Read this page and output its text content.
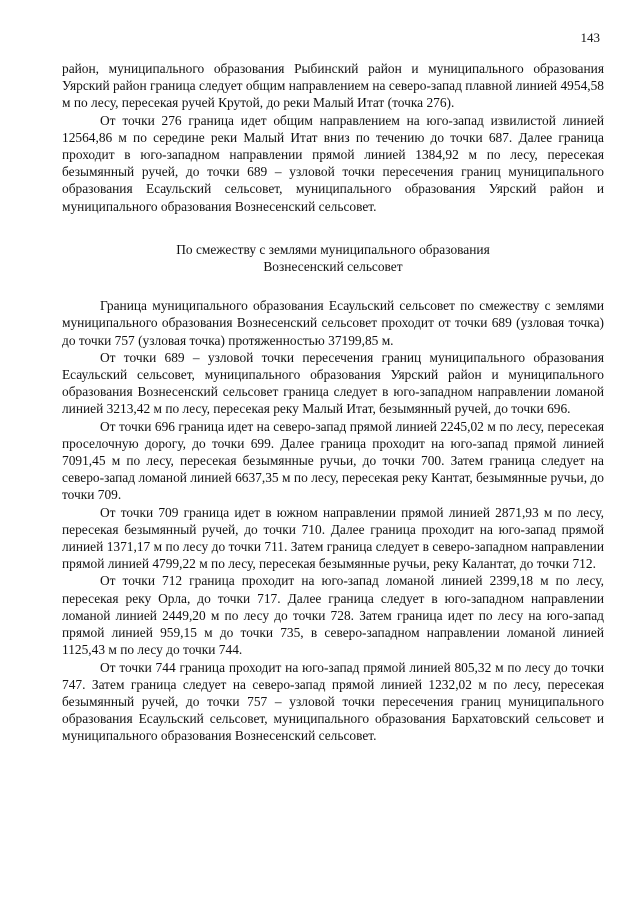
143

район, муниципального образования Рыбинский район и муниципального образования Уярский район граница следует общим направлением на северо-запад плавной линией 4954,58 м по лесу, пересекая ручей Крутой, до реки Малый Итат (точка 276).

От точки 276 граница идет общим направлением на юго-запад извилистой линией 12564,86 м по середине реки Малый Итат вниз по течению до точки 687. Далее граница проходит в юго-западном направлении прямой линией 1384,92 м по лесу, пересекая безымянный ручей, до точки 689 – узловой точки пересечения границ муниципального образования Есаульский сельсовет, муниципального образования Уярский район и муниципального образования Вознесенский сельсовет.

По смежеству с землями муниципального образования
Вознесенский сельсовет

Граница муниципального образования Есаульский сельсовет по смежеству с землями муниципального образования Вознесенский сельсовет проходит от точки 689 (узловая точка) до точки 757 (узловая точка) протяженностью 37199,85 м.

От точки 689 – узловой точки пересечения границ муниципального образования Есаульский сельсовет, муниципального образования Уярский район и муниципального образования Вознесенский сельсовет граница следует в юго-западном направлении ломаной линией 3213,42 м по лесу, пересекая реку Малый Итат, безымянный ручей, до точки 696.

От точки 696 граница идет на северо-запад прямой линией 2245,02 м по лесу, пересекая проселочную дорогу, до точки 699. Далее граница проходит на юго-запад прямой линией 7091,45 м по лесу, пересекая безымянные ручьи, до точки 700. Затем граница следует на северо-запад ломаной линией 6637,35 м по лесу, пересекая реку Кантат, безымянные ручьи, до точки 709.

От точки 709 граница идет в южном направлении прямой линией 2871,93 м по лесу, пересекая безымянный ручей, до точки 710. Далее граница проходит на юго-запад прямой линией 1371,17 м по лесу до точки 711. Затем граница следует в северо-западном направлении прямой линией 4799,22 м по лесу, пересекая безымянные ручьи, реку Калантат, до точки 712.

От точки 712 граница проходит на юго-запад ломаной линией 2399,18 м по лесу, пересекая реку Орла, до точки 717. Далее граница следует в юго-западном направлении ломаной линией 2449,20 м по лесу до точки 728. Затем граница идет по лесу на юго-запад прямой линией 959,15 м до точки 735, в северо-западном направлении ломаной линией 1125,43 м по лесу до точки 744.

От точки 744 граница проходит на юго-запад прямой линией 805,32 м по лесу до точки 747. Затем граница следует на северо-запад прямой линией 1232,02 м по лесу, пересекая безымянный ручей, до точки 757 – узловой точки пересечения границ муниципального образования Есаульский сельсовет, муниципального образования Бархатовский сельсовет и муниципального образования Вознесенский сельсовет.
